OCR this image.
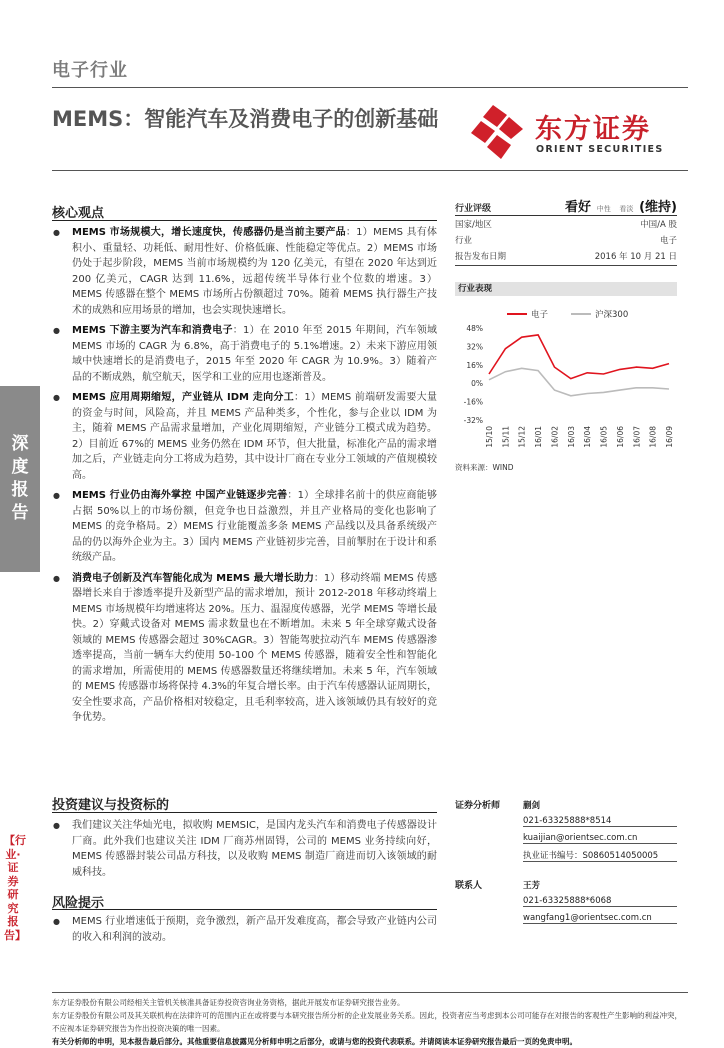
电子行业
MEMS：智能汽车及消费电子的创新基础	东方证券
ORIENT SECURITIES
深度报告
【行业·证券研究报告】
核心观点
● MEMS 市场规模大，增长速度快，传感器仍是当前主要产品：1）MEMS 具有体积小、重量轻、功耗低、耐用性好、价格低廉、性能稳定等优点。2）MEMS 市场仍处于起步阶段，MEMS 当前市场规模约为 120 亿美元，有望在 2020 年达到近 200 亿美元，CAGR 达到 11.6%，远超传统半导体行业个位数的增速。3）MEMS 传感器在整个 MEMS 市场所占份额超过 70%。随着 MEMS 执行器生产技术的成熟和应用场景的增加，也会实现快速增长。
● MEMS 下游主要为汽车和消费电子：1）在 2010 年至 2015 年期间，汽车领域 MEMS 市场的 CAGR 为 6.8%，高于消费电子的 5.1%增速。2）未来下游应用领域中快速增长的是消费电子，2015 年至 2020 年 CAGR 为 10.9%。3）随着产品的不断成熟，航空航天，医学和工业的应用也逐渐普及。
● MEMS 应用周期缩短，产业链从 IDM 走向分工：1）MEMS 前端研发需要大量的资金与时间，风险高，并且 MEMS 产品种类多，个性化，参与企业以 IDM 为主，随着 MEMS 产品需求量增加，产业化周期缩短，产业链分工模式成为趋势。2）目前近 67%的 MEMS 业务仍然在 IDM 环节，但大批量，标准化产品的需求增加之后，产业链走向分工将成为趋势，其中设计厂商在专业分工领域的产值规模较高。
● MEMS 行业仍由海外掌控 中国产业链逐步完善：1）全球排名前十的供应商能够占据 50%以上的市场份额，但竞争也日益激烈，并且产业格局的变化也影响了 MEMS 的竞争格局。2）MEMS 行业能覆盖多条 MEMS 产品线以及具备系统级产品的仍以海外企业为主。3）国内 MEMS 产业链初步完善，目前掣肘在于设计和系统级产品。
● 消费电子创新及汽车智能化成为 MEMS 最大增长助力：1）移动终端 MEMS 传感器增长来自于渗透率提升及新型产品的需求增加，预计 2012-2018 年移动终端上 MEMS 市场规模年均增速将达 20%。压力、温湿度传感器，光学 MEMS 等增长最快。2）穿戴式设备对 MEMS 需求数量也在不断增加。未来 5 年全球穿戴式设备领域的 MEMS 传感器会超过 30%CAGR。3）智能驾驶拉动汽车 MEMS 传感器渗透率提高，当前一辆车大约使用 50-100 个 MEMS 传感器，随着安全性和智能化的需求增加，所需使用的 MEMS 传感器数量还将继续增加。未来 5 年，汽车领域的 MEMS 传感器市场将保持 4.3%的年复合增长率。由于汽车传感器认证周期长，安全性要求高，产品价格相对较稳定，且毛利率较高，进入该领域仍具有较好的竞争优势。
投资建议与投资标的
● 我们建议关注华灿光电，拟收购 MEMSIC，是国内龙头汽车和消费电子传感器设计厂商。此外我们也建议关注 IDM 厂商苏州固锝，公司的 MEMS 业务持续向好，MEMS 传感器封装公司晶方科技，以及收购 MEMS 制造厂商进而切入该领域的耐威科技。
风险提示
● MEMS 行业增速低于预期，竞争激烈，新产品开发难度高，都会导致产业链内公司的收入和利润的波动。
行业评级	看好 中性 看淡 (维持)
国家/地区	中国/A 股
行业	电子
报告发布日期	2016 年 10 月 21 日
行业表现
电子	沪深300
48%
32%
16%
0%
-16%
-32%
15/10 15/11 15/12 16/01 16/02 16/03 16/04 16/05 16/06 16/07 16/08 16/09
资料来源：WIND
证券分析师	蒯剑
021-63325888*8514
kuaijian@orientsec.com.cn
执业证书编号：S0860514050005
联系人	王芳
021-63325888*6068
wangfang1@orientsec.com.cn
东方证券股份有限公司经相关主管机关核准具备证券投资咨询业务资格，据此开展发布证券研究报告业务。
东方证券股份有限公司及其关联机构在法律许可的范围内正在或将要与本研究报告所分析的企业发展业务关系。因此，投资者应当考虑到本公司可能存在对报告的客观性产生影响的利益冲突，不应视本证券研究报告为作出投资决策的唯一因素。
有关分析师的申明，见本报告最后部分。其他重要信息披露见分析师申明之后部分，或请与您的投资代表联系。并请阅读本证券研究报告最后一页的免责申明。
